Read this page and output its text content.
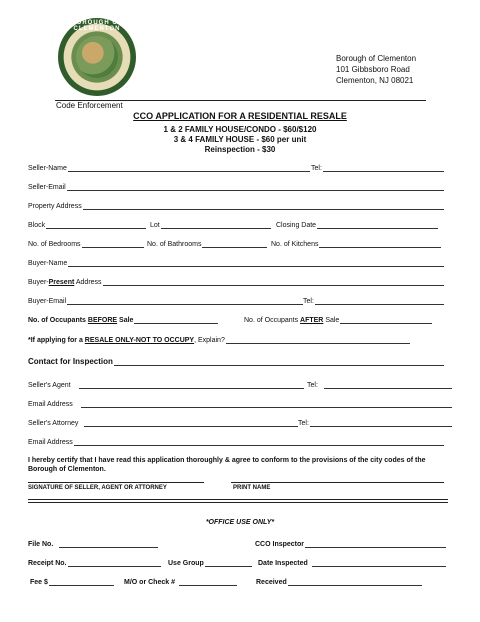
BOROUGH OF CLEMENTON
Borough of Clementon
101 Gibbsboro Road
Clementon, NJ 08021
Code Enforcement
CCO APPLICATION FOR A RESIDENTIAL RESALE
1 & 2 FAMILY HOUSE/CONDO - $60/$120
3 & 4 FAMILY HOUSE - $60 per unit
Reinspection - $30
Seller-Name	Tel:
Seller-Email
Property Address
Block	Lot	Closing Date
No. of Bedrooms	No. of Bathrooms	No. of Kitchens
Buyer-Name
Buyer-Present Address
Buyer-Email	Tel:
No. of Occupants BEFORE Sale	No. of Occupants AFTER Sale
*If applying for a RESALE ONLY-NOT TO OCCUPY, Explain?
Contact for Inspection
Seller's Agent	Tel:
Email Address
Seller's Attorney	Tel:
Email Address
I hereby certify that I have read this application thoroughly & agree to conform to the provisions of the city codes of the Borough of Clementon.
SIGNATURE OF SELLER, AGENT OR ATTORNEY	PRINT NAME
*OFFICE USE ONLY*
File No.	CCO Inspector
Receipt No.	Use Group	Date Inspected
Fee $	M/O or Check #	Received
